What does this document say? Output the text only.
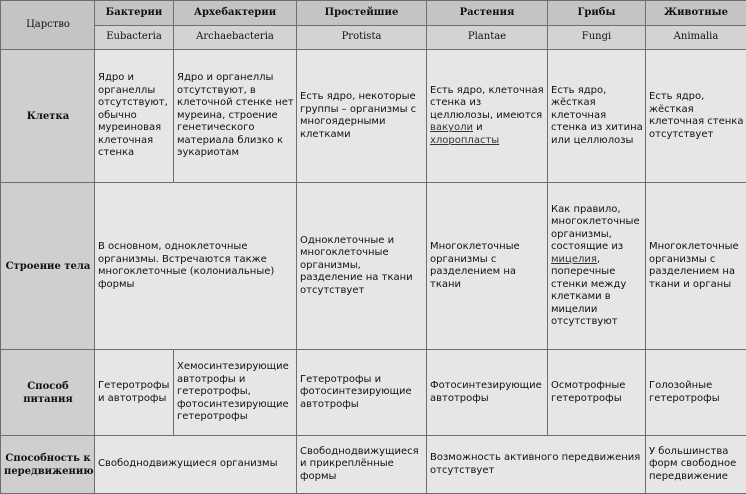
Царство	Бактерии	Архебактерии	Простейшие	Растения	Грибы	Животные
	Eubacteria	Archaebacteria	Protista	Plantae	Fungi	Animalia
Клетка	Ядро и органеллы отсутствуют, обычно муреиновая клеточная стенка	Ядро и органеллы отсутствуют, в клеточной стенке нет муреина, строение генетического материала близко к эукариотам	Есть ядро, некоторые группы – организмы с многоядерными клетками	Есть ядро, клеточная стенка из целлюлозы, имеются вакуоли и хлоропласты	Есть ядро, жёсткая клеточная стенка из хитина или целлюлозы	Есть ядро, жёсткая клеточная стенка отсутствует
Строение тела	В основном, одноклеточные организмы. Встречаются также многоклеточные (колониальные) формы		Одноклеточные и многоклеточные организмы, разделение на ткани отсутствует	Многоклеточные организмы с разделением на ткани	Как правило, многоклеточные организмы, состоящие из мицелия, поперечные стенки между клетками в мицелии отсутствуют	Многоклеточные организмы с разделением на ткани и органы
Способ питания	Гетеротрофы и автотрофы	Хемосинтезирующие автотрофы и гетеротрофы, фотосинтезирующие гетеротрофы	Гетеротрофы и фотосинтезирующие автотрофы	Фотосинтезирующие автотрофы	Осмотрофные гетеротрофы	Голозойные гетеротрофы
Способность к передвижению	Свободнодвижущиеся организмы		Свободнодвижущиеся и прикреплённые формы	Возможность активного передвижения отсутствует		У большинства форм свободное передвижение
